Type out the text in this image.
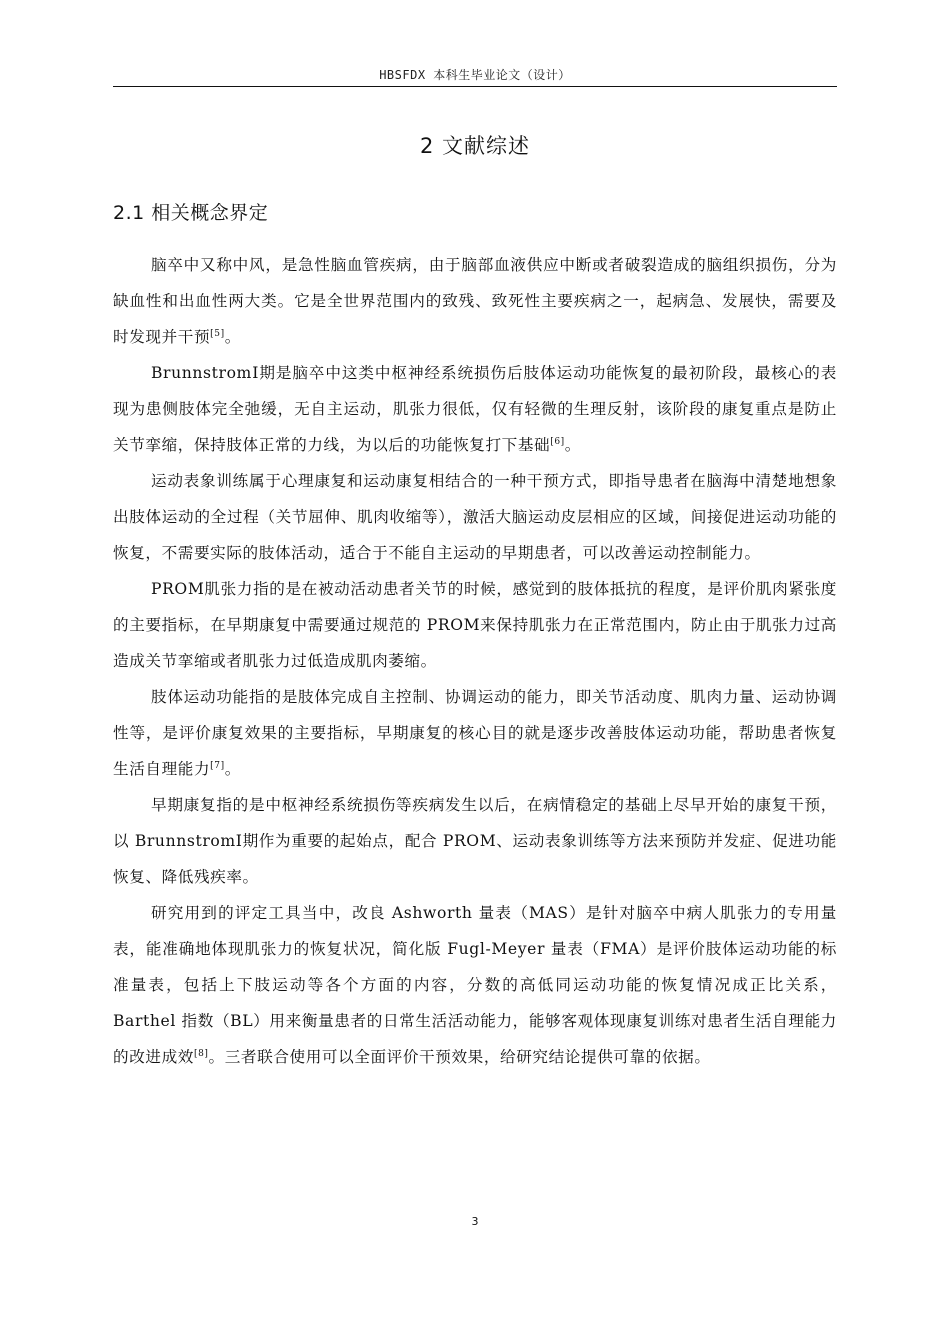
HBSFDX 本科生毕业论文（设计）
2 文献综述
2.1 相关概念界定

脑卒中又称中风，是急性脑血管疾病，由于脑部血液供应中断或者破裂造成的脑组织损伤，分为缺血性和出血性两大类。它是全世界范围内的致残、致死性主要疾病之一，起病急、发展快，需要及时发现并干预[5]。

BrunnstromⅠ期是脑卒中这类中枢神经系统损伤后肢体运动功能恢复的最初阶段，最核心的表现为患侧肢体完全弛缓，无自主运动，肌张力很低，仅有轻微的生理反射，该阶段的康复重点是防止关节挛缩，保持肢体正常的力线，为以后的功能恢复打下基础[6]。

运动表象训练属于心理康复和运动康复相结合的一种干预方式，即指导患者在脑海中清楚地想象出肢体运动的全过程（关节屈伸、肌肉收缩等），激活大脑运动皮层相应的区域，间接促进运动功能的恢复，不需要实际的肢体活动，适合于不能自主运动的早期患者，可以改善运动控制能力。

PROM肌张力指的是在被动活动患者关节的时候，感觉到的肢体抵抗的程度，是评价肌肉紧张度的主要指标，在早期康复中需要通过规范的 PROM来保持肌张力在正常范围内，防止由于肌张力过高造成关节挛缩或者肌张力过低造成肌肉萎缩。

肢体运动功能指的是肢体完成自主控制、协调运动的能力，即关节活动度、肌肉力量、运动协调性等，是评价康复效果的主要指标，早期康复的核心目的就是逐步改善肢体运动功能，帮助患者恢复生活自理能力[7]。

早期康复指的是中枢神经系统损伤等疾病发生以后，在病情稳定的基础上尽早开始的康复干预，以 BrunnstromⅠ期作为重要的起始点，配合 PROM、运动表象训练等方法来预防并发症、促进功能恢复、降低残疾率。

研究用到的评定工具当中，改良 Ashworth 量表（MAS）是针对脑卒中病人肌张力的专用量表，能准确地体现肌张力的恢复状况，简化版 Fugl-Meyer 量表（FMA）是评价肢体运动功能的标准量表，包括上下肢运动等各个方面的内容，分数的高低同运动功能的恢复情况成正比关系，Barthel 指数（BL）用来衡量患者的日常生活活动能力，能够客观体现康复训练对患者生活自理能力的改进成效[8]。三者联合使用可以全面评价干预效果，给研究结论提供可靠的依据。

3
